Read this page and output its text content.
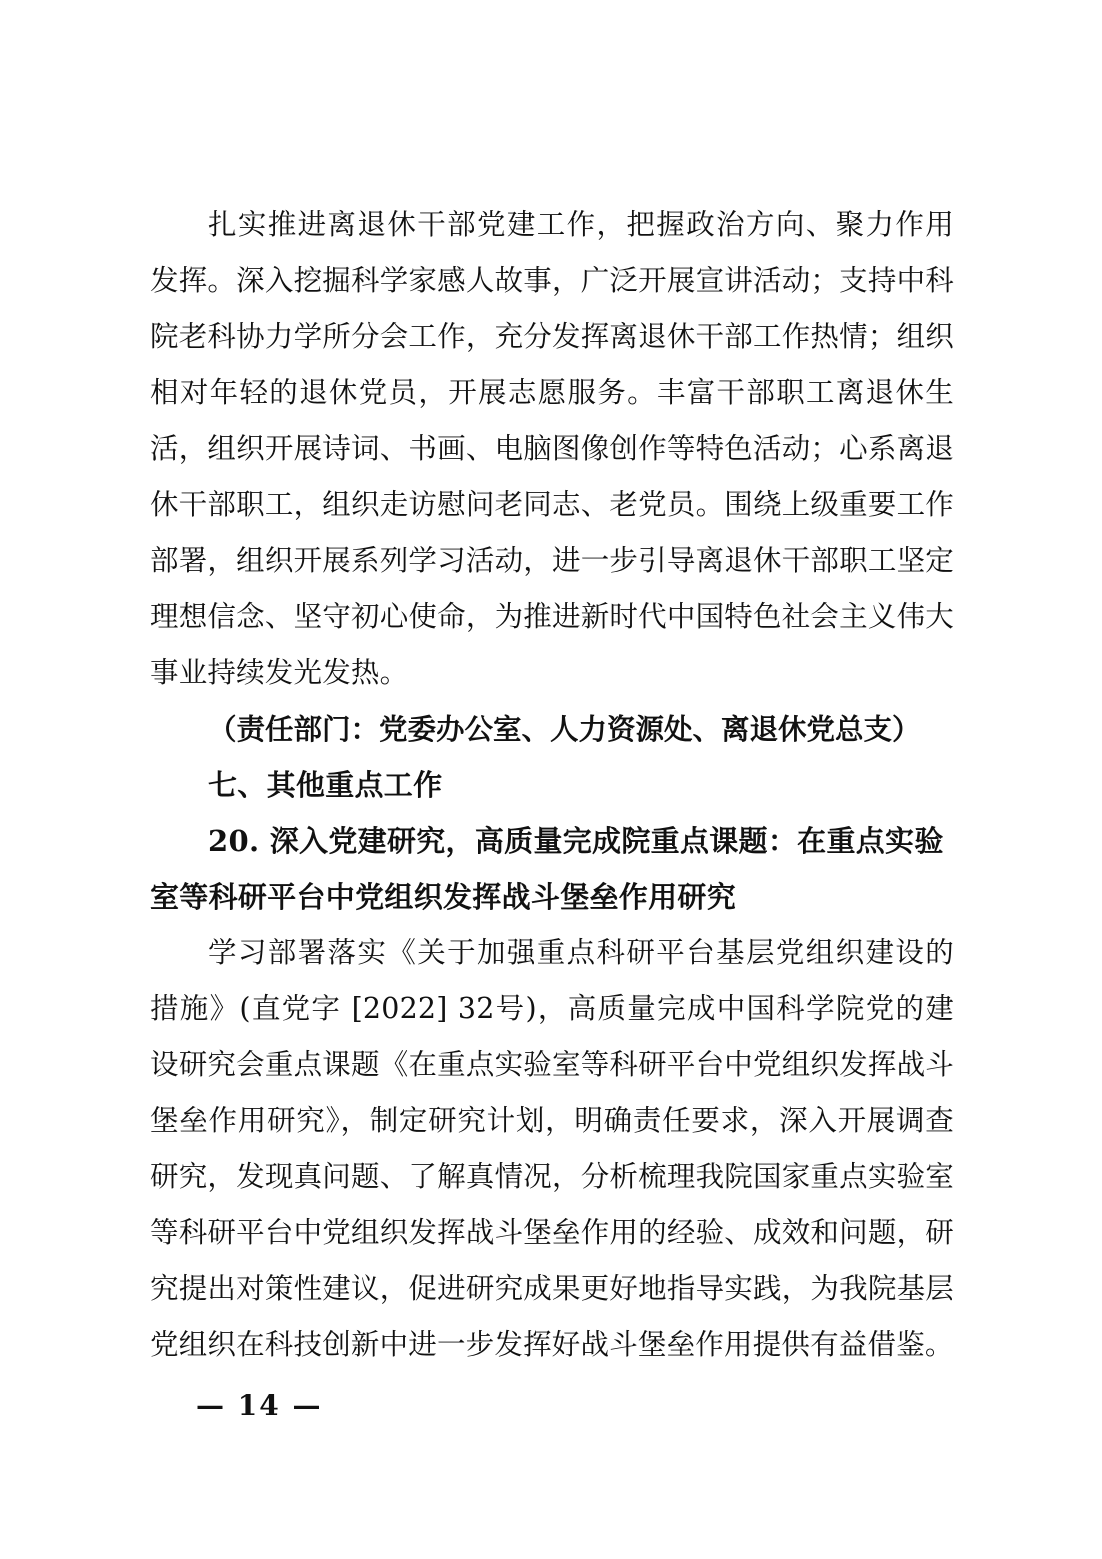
扎实推进离退休干部党建工作，把握政治方向、聚力作用发挥。深入挖掘科学家感人故事，广泛开展宣讲活动；支持中科院老科协力学所分会工作，充分发挥离退休干部工作热情；组织相对年轻的退休党员，开展志愿服务。丰富干部职工离退休生活，组织开展诗词、书画、电脑图像创作等特色活动；心系离退休干部职工，组织走访慰问老同志、老党员。围绕上级重要工作部署，组织开展系列学习活动，进一步引导离退休干部职工坚定理想信念、坚守初心使命，为推进新时代中国特色社会主义伟大事业持续发光发热。

（责任部门：党委办公室、人力资源处、离退休党总支）

七、其他重点工作

20. 深入党建研究，高质量完成院重点课题：在重点实验室等科研平台中党组织发挥战斗堡垒作用研究

学习部署落实《关于加强重点科研平台基层党组织建设的措施》(直党字 [2022] 32号)，高质量完成中国科学院党的建设研究会重点课题《在重点实验室等科研平台中党组织发挥战斗堡垒作用研究》，制定研究计划，明确责任要求，深入开展调查研究，发现真问题、了解真情况，分析梳理我院国家重点实验室等科研平台中党组织发挥战斗堡垒作用的经验、成效和问题，研究提出对策性建议，促进研究成果更好地指导实践，为我院基层党组织在科技创新中进一步发挥好战斗堡垒作用提供有益借鉴。

— 14 —
